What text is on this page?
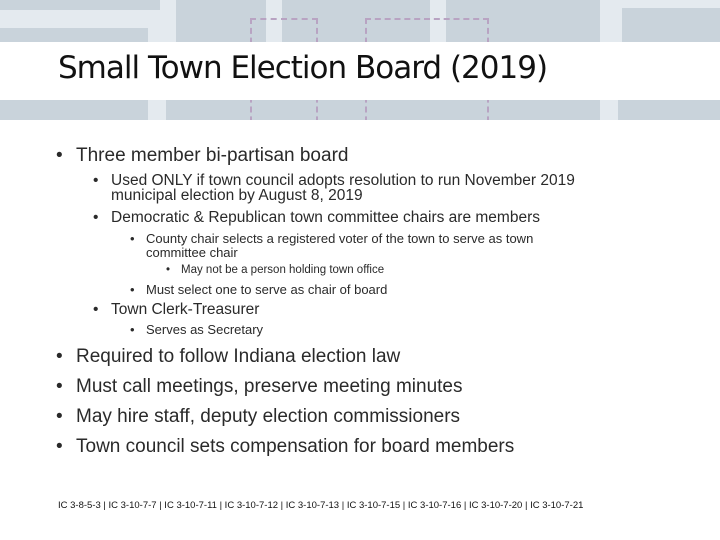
Small Town Election Board (2019)
• Three member bi-partisan board
• Used ONLY if town council adopts resolution to run November 2019
municipal election by August 8, 2019
• Democratic & Republican town committee chairs are members
• County chair selects a registered voter of the town to serve as town
committee chair
• May not be a person holding town office
• Must select one to serve as chair of board
• Town Clerk-Treasurer
• Serves as Secretary
• Required to follow Indiana election law
• Must call meetings, preserve meeting minutes
• May hire staff, deputy election commissioners
• Town council sets compensation for board members
IC 3-8-5-3 | IC 3-10-7-7 | IC 3-10-7-11 | IC 3-10-7-12 | IC 3-10-7-13 | IC 3-10-7-15 | IC 3-10-7-16 | IC 3-10-7-20 | IC 3-10-7-21
